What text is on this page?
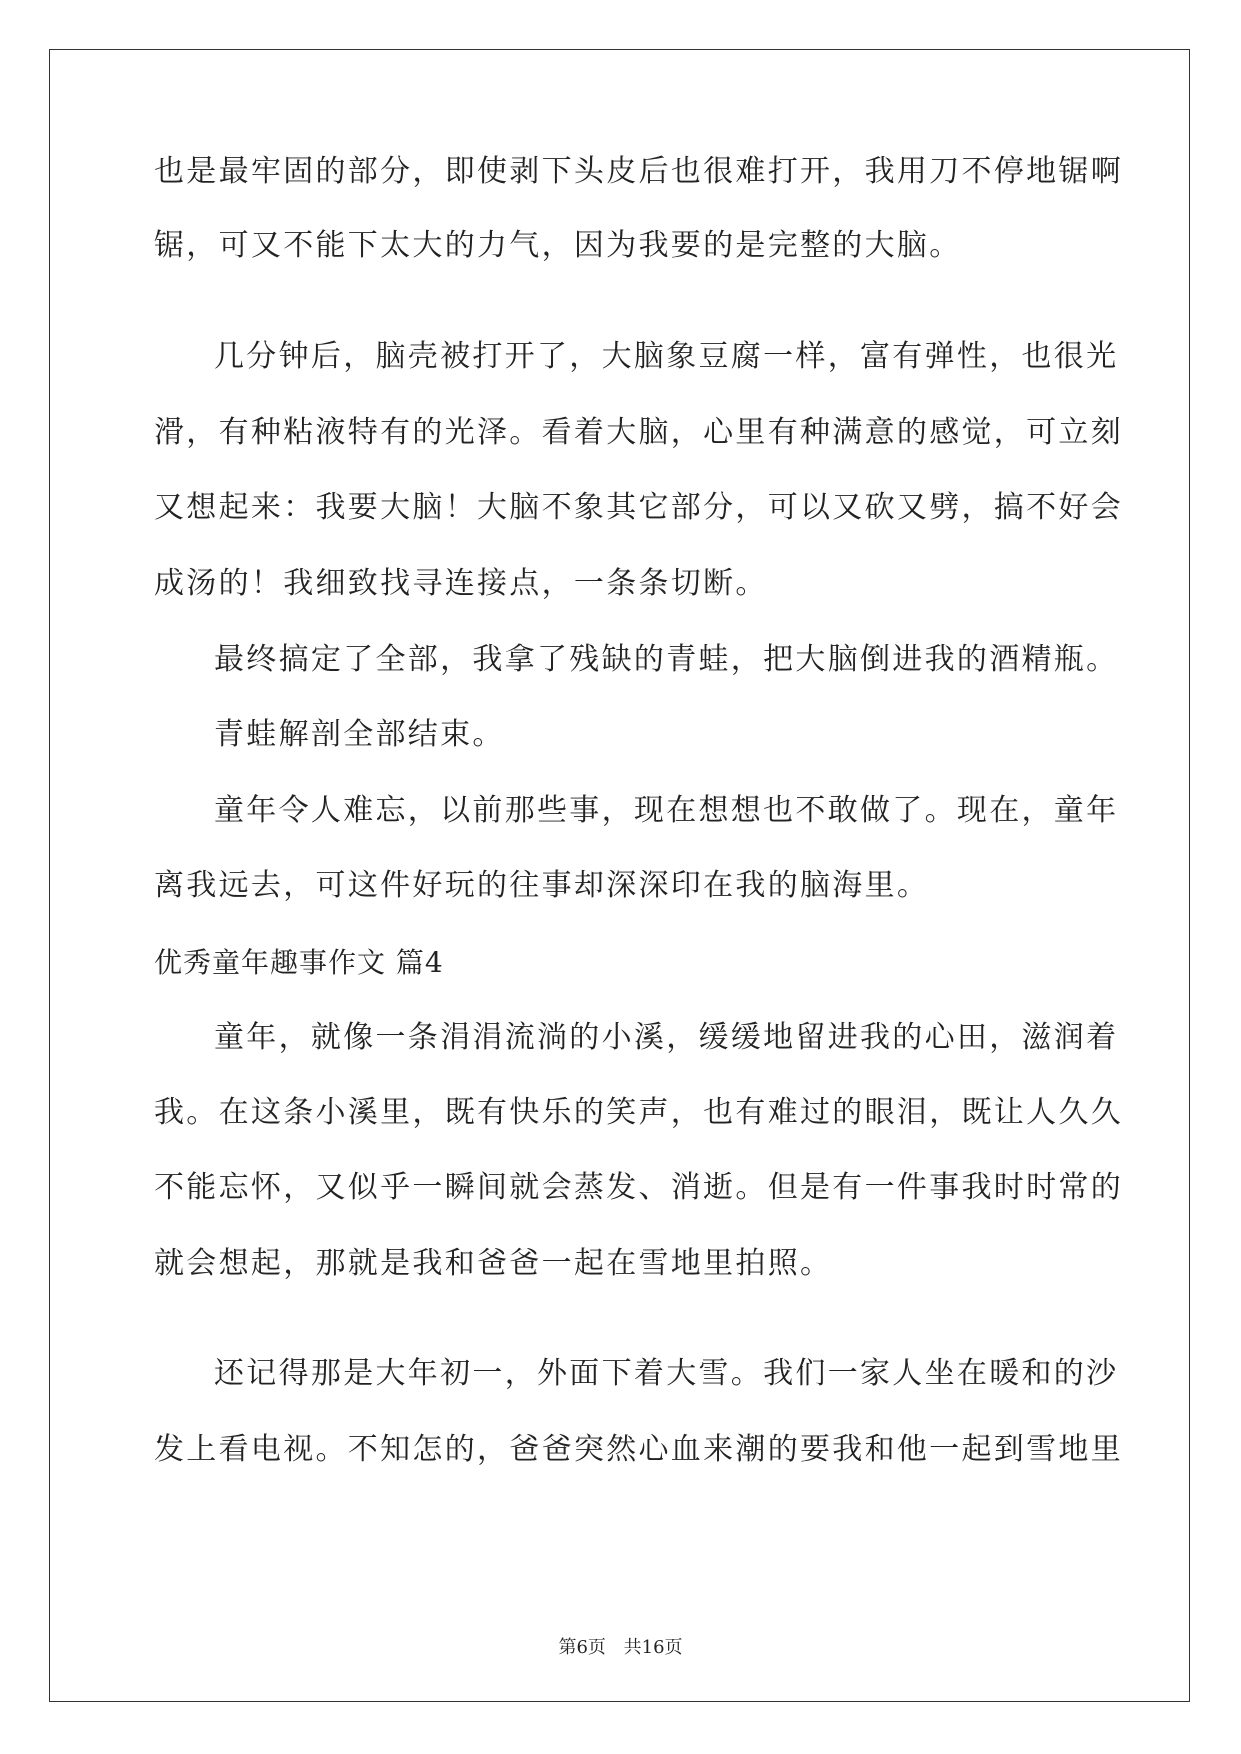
也是最牢固的部分，即使剥下头皮后也很难打开，我用刀不停地锯啊

锯，可又不能下太大的力气，因为我要的是完整的大脑。

几分钟后，脑壳被打开了，大脑象豆腐一样，富有弹性，也很光

滑，有种粘液特有的光泽。看着大脑，心里有种满意的感觉，可立刻

又想起来：我要大脑！大脑不象其它部分，可以又砍又劈，搞不好会

成汤的！我细致找寻连接点，一条条切断。

最终搞定了全部，我拿了残缺的青蛙，把大脑倒进我的酒精瓶。

青蛙解剖全部结束。

童年令人难忘，以前那些事，现在想想也不敢做了。现在，童年

离我远去，可这件好玩的往事却深深印在我的脑海里。

优秀童年趣事作文 篇4

童年，就像一条涓涓流淌的小溪，缓缓地留进我的心田，滋润着

我。在这条小溪里，既有快乐的笑声，也有难过的眼泪，既让人久久

不能忘怀，又似乎一瞬间就会蒸发、消逝。但是有一件事我时时常的

就会想起，那就是我和爸爸一起在雪地里拍照。

还记得那是大年初一，外面下着大雪。我们一家人坐在暖和的沙

发上看电视。不知怎的，爸爸突然心血来潮的要我和他一起到雪地里

第6页 共16页
